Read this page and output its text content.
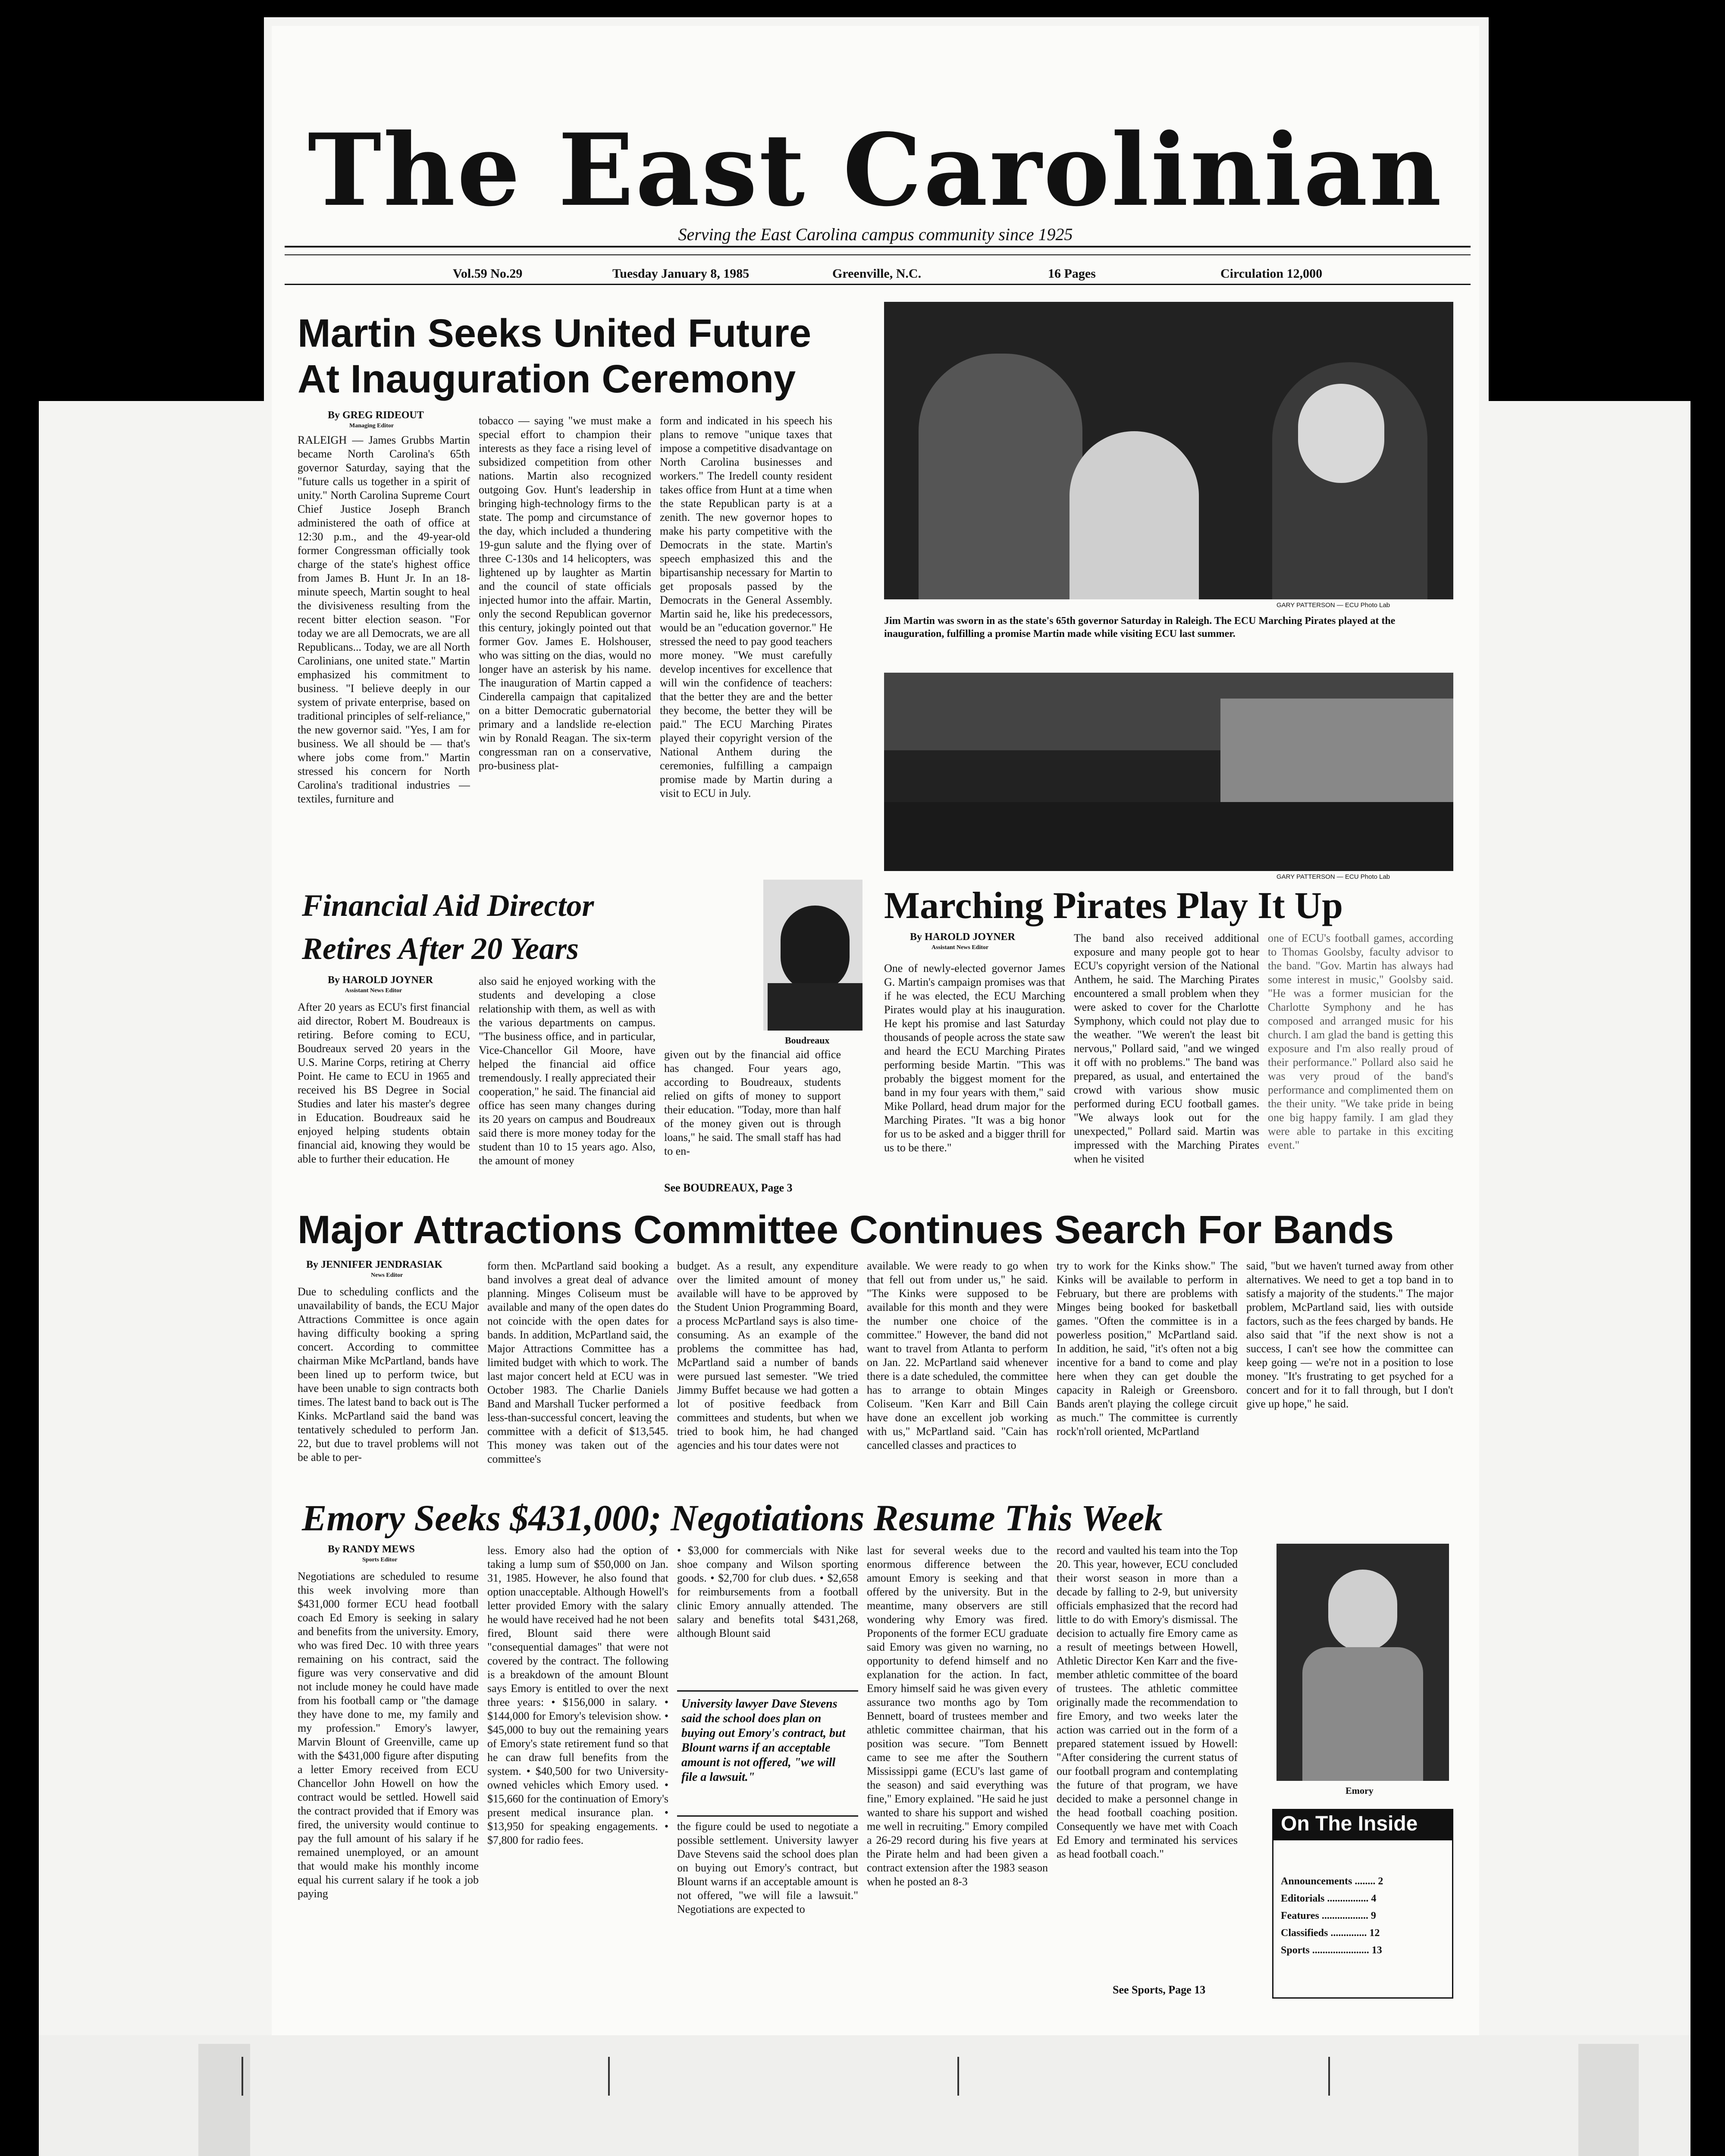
The East Carolinian
Serving the East Carolina campus community since 1925
Vol.59 No.29	Tuesday January 8, 1985	Greenville, N.C.	16 Pages	Circulation 12,000
Martin Seeks United Future
At Inauguration Ceremony
By GREG RIDEOUT
Managing Editor
RALEIGH — James Grubbs Martin became North Carolina's 65th governor Saturday, saying that the "future calls us together in a spirit of unity." North Carolina Supreme Court Chief Justice Joseph Branch administered the oath of office at 12:30 p.m., and the 49-year-old former Congressman officially took charge of the state's highest office from James B. Hunt Jr. In an 18-minute speech, Martin sought to heal the divisiveness resulting from the recent bitter election season. "For today we are all Democrats, we are all Republicans... Today, we are all North Carolinians, one united state." Martin emphasized his commitment to business. "I believe deeply in our system of private enterprise, based on traditional principles of self-reliance," the new governor said. "Yes, I am for business. We all should be — that's where jobs come from." Martin stressed his concern for North Carolina's traditional industries — textiles, furniture and
tobacco — saying "we must make a special effort to champion their interests as they face a rising level of subsidized competition from other nations. Martin also recognized outgoing Gov. Hunt's leadership in bringing high-technology firms to the state. The pomp and circumstance of the day, which included a thundering 19-gun salute and the flying over of three C-130s and 14 helicopters, was lightened up by laughter as Martin and the council of state officials injected humor into the affair. Martin, only the second Republican governor this century, jokingly pointed out that former Gov. James E. Holshouser, who was sitting on the dias, would no longer have an asterisk by his name. The inauguration of Martin capped a Cinderella campaign that capitalized on a bitter Democratic gubernatorial primary and a landslide re-election win by Ronald Reagan. The six-term congressman ran on a conservative, pro-business plat-
form and indicated in his speech his plans to remove "unique taxes that impose a competitive disadvantage on North Carolina businesses and workers." The Iredell county resident takes office from Hunt at a time when the state Republican party is at a zenith. The new governor hopes to make his party competitive with the Democrats in the state. Martin's speech emphasized this and the bipartisanship necessary for Martin to get proposals passed by the Democrats in the General Assembly. Martin said he, like his predecessors, would be an "education governor." He stressed the need to pay good teachers more money. "We must carefully develop incentives for excellence that will win the confidence of teachers: that the better they are and the better they become, the better they will be paid." The ECU Marching Pirates played their copyright version of the National Anthem during the ceremonies, fulfilling a campaign promise made by Martin during a visit to ECU in July.
GARY PATTERSON — ECU Photo Lab
Jim Martin was sworn in as the state's 65th governor Saturday in Raleigh. The ECU Marching Pirates played at the inauguration, fulfilling a promise Martin made while visiting ECU last summer.
GARY PATTERSON — ECU Photo Lab
Financial Aid Director
Retires After 20 Years
Boudreaux
By HAROLD JOYNER
Assistant News Editor
After 20 years as ECU's first financial aid director, Robert M. Boudreaux is retiring. Before coming to ECU, Boudreaux served 20 years in the U.S. Marine Corps, retiring at Cherry Point. He came to ECU in 1965 and received his BS Degree in Social Studies and later his master's degree in Education. Boudreaux said he enjoyed helping students obtain financial aid, knowing they would be able to further their education. He
also said he enjoyed working with the students and developing a close relationship with them, as well as with the various departments on campus. "The business office, and in particular, Vice-Chancellor Gil Moore, have helped the financial aid office tremendously. I really appreciated their cooperation," he said. The financial aid office has seen many changes during its 20 years on campus and Boudreaux said there is more money today for the student than 10 to 15 years ago. Also, the amount of money
given out by the financial aid office has changed. Four years ago, according to Boudreaux, students relied on gifts of money to support their education. "Today, more than half of the money given out is through loans," he said. The small staff has had to en-
See BOUDREAUX, Page 3
Marching Pirates Play It Up
By HAROLD JOYNER
Assistant News Editor
One of newly-elected governor James G. Martin's campaign promises was that if he was elected, the ECU Marching Pirates would play at his inauguration. He kept his promise and last Saturday thousands of people across the state saw and heard the ECU Marching Pirates performing beside Martin. "This was probably the biggest moment for the band in my four years with them," said Mike Pollard, head drum major for the Marching Pirates. "It was a big honor for us to be asked and a bigger thrill for us to be there."
The band also received additional exposure and many people got to hear ECU's copyright version of the National Anthem, he said. The Marching Pirates encountered a small problem when they were asked to cover for the Charlotte Symphony, which could not play due to the weather. "We weren't the least bit nervous," Pollard said, "and we winged it off with no problems." The band was prepared, as usual, and entertained the crowd with various show music performed during ECU football games. "We always look out for the unexpected," Pollard said. Martin was impressed with the Marching Pirates when he visited
one of ECU's football games, according to Thomas Goolsby, faculty advisor to the band. "Gov. Martin has always had some interest in music," Goolsby said. "He was a former musician for the Charlotte Symphony and he has composed and arranged music for his church. I am glad the band is getting this exposure and I'm also really proud of their performance." Pollard also said he was very proud of the band's performance and complimented them on the their unity. "We take pride in being one big happy family. I am glad they were able to partake in this exciting event."
Major Attractions Committee Continues Search For Bands
By JENNIFER JENDRASIAK
News Editor
Due to scheduling conflicts and the unavailability of bands, the ECU Major Attractions Committee is once again having difficulty booking a spring concert. According to committee chairman Mike McPartland, bands have been lined up to perform twice, but have been unable to sign contracts both times. The latest band to back out is The Kinks. McPartland said the band was tentatively scheduled to perform Jan. 22, but due to travel problems will not be able to per-
form then. McPartland said booking a band involves a great deal of advance planning. Minges Coliseum must be available and many of the open dates do not coincide with the open dates for bands. In addition, McPartland said, the Major Attractions Committee has a limited budget with which to work. The last major concert held at ECU was in October 1983. The Charlie Daniels Band and Marshall Tucker performed a less-than-successful concert, leaving the committee with a deficit of $13,545. This money was taken out of the committee's
budget. As a result, any expenditure over the limited amount of money available will have to be approved by the Student Union Programming Board, a process McPartland says is also time-consuming. As an example of the problems the committee has had, McPartland said a number of bands were pursued last semester. "We tried Jimmy Buffet because we had gotten a lot of positive feedback from committees and students, but when we tried to book him, he had changed agencies and his tour dates were not
available. We were ready to go when that fell out from under us," he said. "The Kinks were supposed to be available for this month and they were the number one choice of the committee." However, the band did not want to travel from Atlanta to perform on Jan. 22. McPartland said whenever there is a date scheduled, the committee has to arrange to obtain Minges Coliseum. "Ken Karr and Bill Cain have done an excellent job working with us," McPartland said. "Cain has cancelled classes and practices to
try to work for the Kinks show." The Kinks will be available to perform in February, but there are problems with Minges being booked for basketball games. "Often the committee is in a powerless position," McPartland said. In addition, he said, "it's often not a big incentive for a band to come and play here when they can get double the capacity in Raleigh or Greensboro. Bands aren't playing the college circuit as much." The committee is currently rock'n'roll oriented, McPartland
said, "but we haven't turned away from other alternatives. We need to get a top band in to satisfy a majority of the students." The major problem, McPartland said, lies with outside factors, such as the fees charged by bands. He also said that "if the next show is not a success, I can't see how the committee can keep going — we're not in a position to lose money. "It's frustrating to get psyched for a concert and for it to fall through, but I don't give up hope," he said.
Emory Seeks $431,000; Negotiations Resume This Week
By RANDY MEWS
Sports Editor
Negotiations are scheduled to resume this week involving more than $431,000 former ECU head football coach Ed Emory is seeking in salary and benefits from the university. Emory, who was fired Dec. 10 with three years remaining on his contract, said the figure was very conservative and did not include money he could have made from his football camp or "the damage they have done to me, my family and my profession." Emory's lawyer, Marvin Blount of Greenville, came up with the $431,000 figure after disputing a letter Emory received from ECU Chancellor John Howell on how the contract would be settled. Howell said the contract provided that if Emory was fired, the university would continue to pay the full amount of his salary if he remained unemployed, or an amount that would make his monthly income equal his current salary if he took a job paying
less. Emory also had the option of taking a lump sum of $50,000 on Jan. 31, 1985. However, he also found that option unacceptable. Although Howell's letter provided Emory with the salary he would have received had he not been fired, Blount said there were "consequential damages" that were not covered by the contract. The following is a breakdown of the amount Blount says Emory is entitled to over the next three years: • $156,000 in salary. • $144,000 for Emory's television show. • $45,000 to buy out the remaining years of Emory's state retirement fund so that he can draw full benefits from the system. • $40,500 for two University-owned vehicles which Emory used. • $15,660 for the continuation of Emory's present medical insurance plan. • $13,950 for speaking engagements. • $7,800 for radio fees.
• $3,000 for commercials with Nike shoe company and Wilson sporting goods. • $2,700 for club dues. • $2,658 for reimbursements from a football clinic Emory annually attended. The salary and benefits total $431,268, although Blount said
University lawyer Dave Stevens said the school does plan on buying out Emory's contract, but Blount warns if an acceptable amount is not offered, "we will file a lawsuit."
the figure could be used to negotiate a possible settlement. University lawyer Dave Stevens said the school does plan on buying out Emory's contract, but Blount warns if an acceptable amount is not offered, "we will file a lawsuit." Negotiations are expected to
last for several weeks due to the enormous difference between the amount Emory is seeking and that offered by the university. But in the meantime, many observers are still wondering why Emory was fired. Proponents of the former ECU graduate said Emory was given no warning, no opportunity to defend himself and no explanation for the action. In fact, Emory himself said he was given every assurance two months ago by Tom Bennett, board of trustees member and athletic committee chairman, that his position was secure. "Tom Bennett came to see me after the Southern Mississippi game (ECU's last game of the season) and said everything was fine," Emory explained. "He said he just wanted to share his support and wished me well in recruiting." Emory compiled a 26-29 record during his five years at the Pirate helm and had been given a contract extension after the 1983 season when he posted an 8-3
record and vaulted his team into the Top 20. This year, however, ECU concluded their worst season in more than a decade by falling to 2-9, but university officials emphasized that the record had little to do with Emory's dismissal. The decision to actually fire Emory came as a result of meetings between Howell, Athletic Director Ken Karr and the five-member athletic committee of the board of trustees. The athletic committee originally made the recommendation to fire Emory, and two weeks later the action was carried out in the form of a prepared statement issued by Howell: "After considering the current status of our football program and contemplating the future of that program, we have decided to make a personnel change in the head football coaching position. Consequently we have met with Coach Ed Emory and terminated his services as head football coach."
See Sports, Page 13
Emory
On The Inside
Announcements ........ 2
Editorials ................ 4
Features .................. 9
Classifieds .............. 12
Sports ...................... 13
